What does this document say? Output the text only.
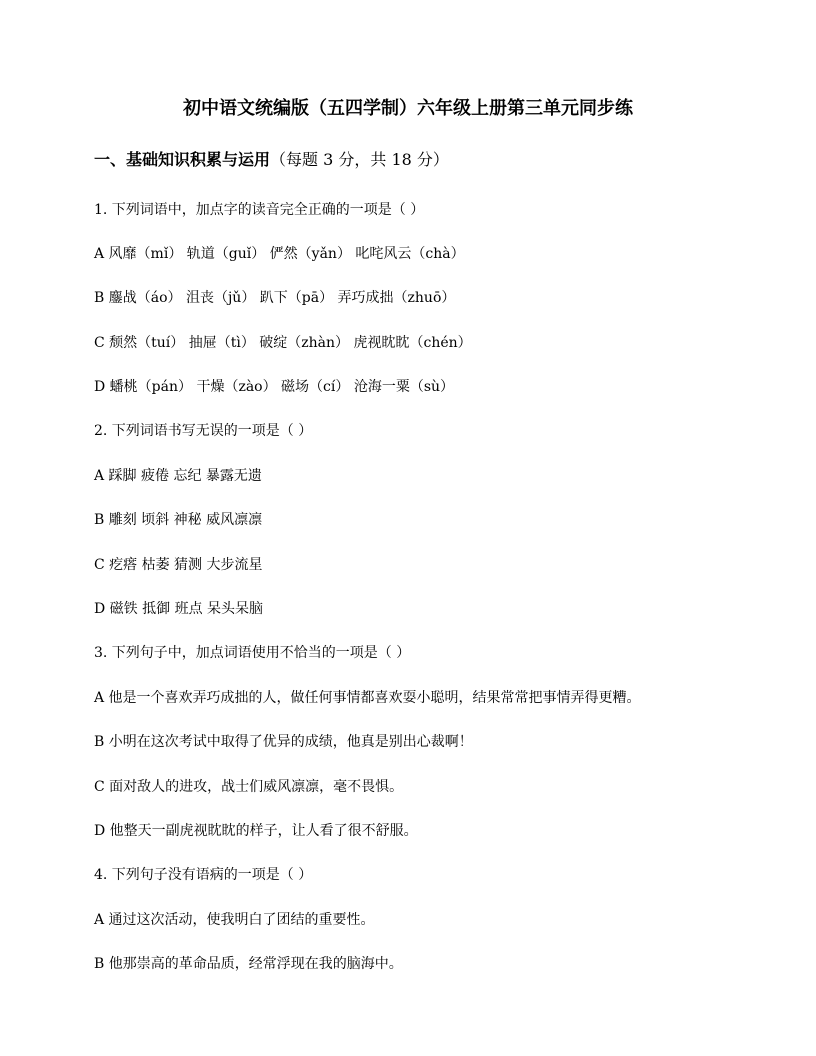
初中语文统编版（五四学制）六年级上册第三单元同步练
一、基础知识积累与运用（每题 3 分，共 18 分）
1. 下列词语中，加点字的读音完全正确的一项是（ ）
A 风靡（mǐ） 轨道（guǐ） 俨然（yǎn） 叱咤风云（chà）
B 鏖战（áo） 沮丧（jǔ） 趴下（pā） 弄巧成拙（zhuō）
C 颓然（tuí） 抽屉（tì） 破绽（zhàn） 虎视眈眈（chén）
D 蟠桃（pán） 干燥（zào） 磁场（cí） 沧海一粟（sù）
2. 下列词语书写无误的一项是（ ）
A 踩脚 疲倦 忘纪 暴露无遗
B 雕刻 顷斜 神秘 威风凛凛
C 疙瘩 枯萎 猜测 大步流星
D 磁铁 抵御 班点 呆头呆脑
3. 下列句子中，加点词语使用不恰当的一项是（ ）
A 他是一个喜欢弄巧成拙的人，做任何事情都喜欢耍小聪明，结果常常把事情弄得更糟。
B 小明在这次考试中取得了优异的成绩，他真是别出心裁啊！
C 面对敌人的进攻，战士们威风凛凛，毫不畏惧。
D 他整天一副虎视眈眈的样子，让人看了很不舒服。
4. 下列句子没有语病的一项是（ ）
A 通过这次活动，使我明白了团结的重要性。
B 他那崇高的革命品质，经常浮现在我的脑海中。
